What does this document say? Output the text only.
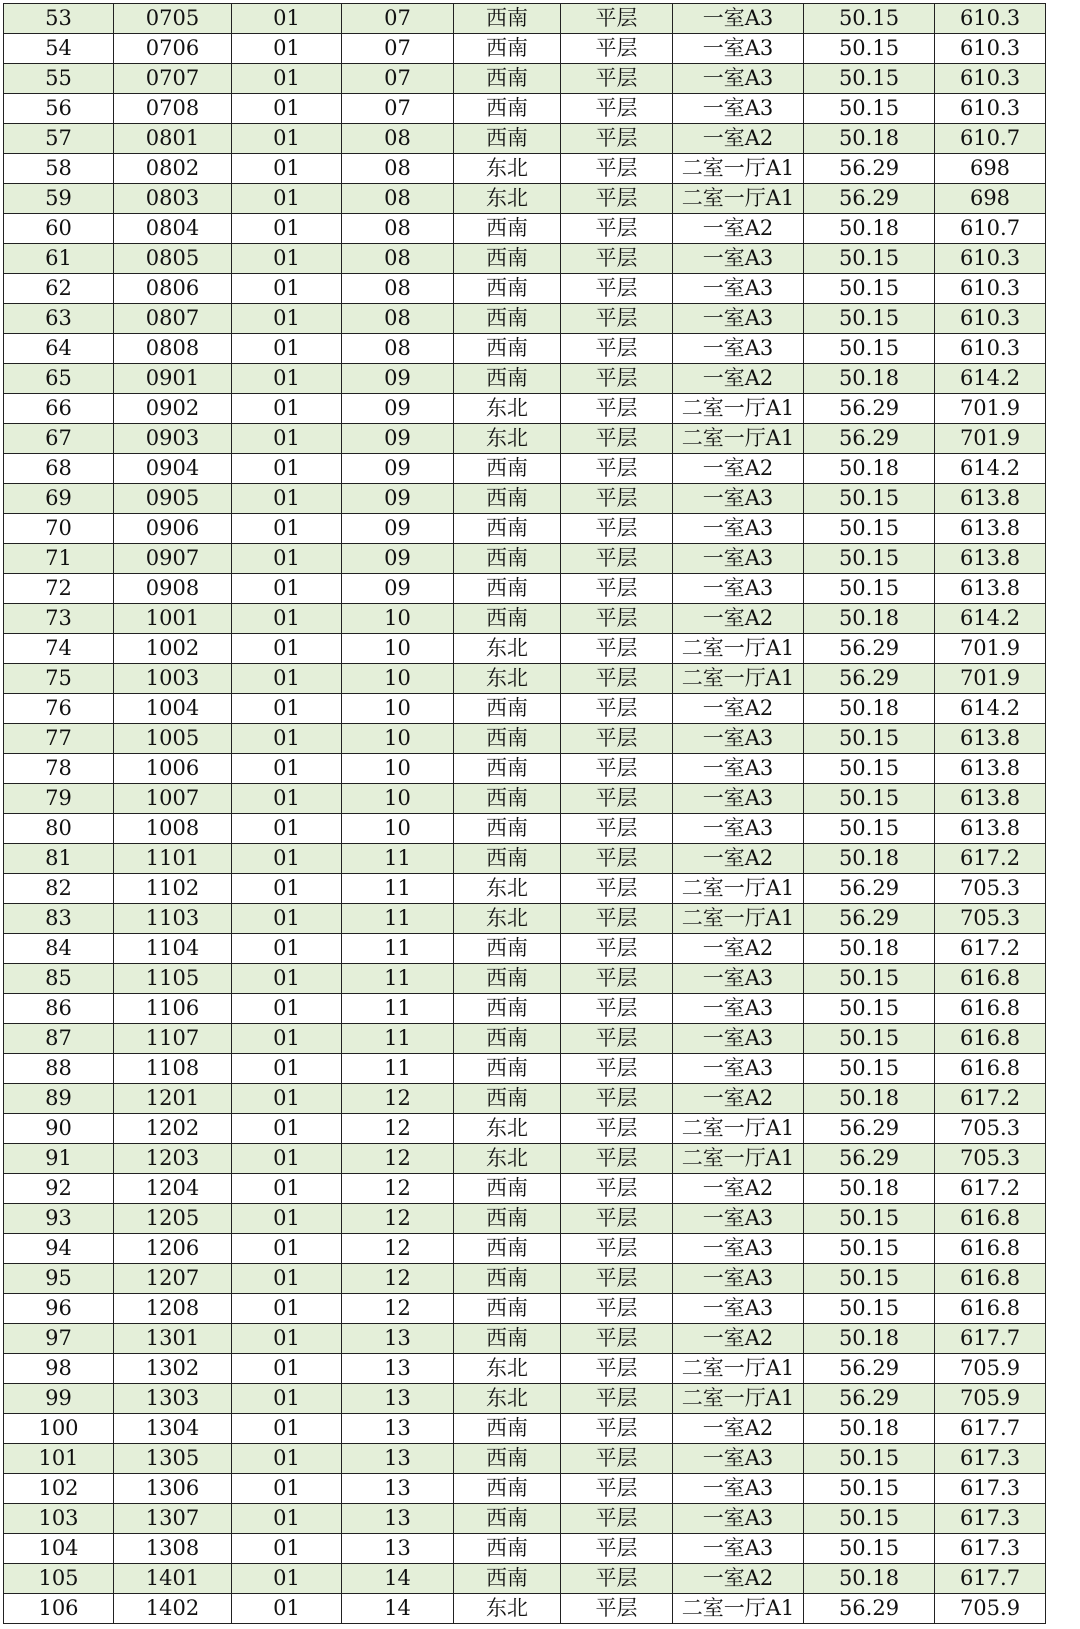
53	0705	01	07	西南	平层	一室A3	50.15	610.3
54	0706	01	07	西南	平层	一室A3	50.15	610.3
55	0707	01	07	西南	平层	一室A3	50.15	610.3
56	0708	01	07	西南	平层	一室A3	50.15	610.3
57	0801	01	08	西南	平层	一室A2	50.18	610.7
58	0802	01	08	东北	平层	二室一厅A1	56.29	698
59	0803	01	08	东北	平层	二室一厅A1	56.29	698
60	0804	01	08	西南	平层	一室A2	50.18	610.7
61	0805	01	08	西南	平层	一室A3	50.15	610.3
62	0806	01	08	西南	平层	一室A3	50.15	610.3
63	0807	01	08	西南	平层	一室A3	50.15	610.3
64	0808	01	08	西南	平层	一室A3	50.15	610.3
65	0901	01	09	西南	平层	一室A2	50.18	614.2
66	0902	01	09	东北	平层	二室一厅A1	56.29	701.9
67	0903	01	09	东北	平层	二室一厅A1	56.29	701.9
68	0904	01	09	西南	平层	一室A2	50.18	614.2
69	0905	01	09	西南	平层	一室A3	50.15	613.8
70	0906	01	09	西南	平层	一室A3	50.15	613.8
71	0907	01	09	西南	平层	一室A3	50.15	613.8
72	0908	01	09	西南	平层	一室A3	50.15	613.8
73	1001	01	10	西南	平层	一室A2	50.18	614.2
74	1002	01	10	东北	平层	二室一厅A1	56.29	701.9
75	1003	01	10	东北	平层	二室一厅A1	56.29	701.9
76	1004	01	10	西南	平层	一室A2	50.18	614.2
77	1005	01	10	西南	平层	一室A3	50.15	613.8
78	1006	01	10	西南	平层	一室A3	50.15	613.8
79	1007	01	10	西南	平层	一室A3	50.15	613.8
80	1008	01	10	西南	平层	一室A3	50.15	613.8
81	1101	01	11	西南	平层	一室A2	50.18	617.2
82	1102	01	11	东北	平层	二室一厅A1	56.29	705.3
83	1103	01	11	东北	平层	二室一厅A1	56.29	705.3
84	1104	01	11	西南	平层	一室A2	50.18	617.2
85	1105	01	11	西南	平层	一室A3	50.15	616.8
86	1106	01	11	西南	平层	一室A3	50.15	616.8
87	1107	01	11	西南	平层	一室A3	50.15	616.8
88	1108	01	11	西南	平层	一室A3	50.15	616.8
89	1201	01	12	西南	平层	一室A2	50.18	617.2
90	1202	01	12	东北	平层	二室一厅A1	56.29	705.3
91	1203	01	12	东北	平层	二室一厅A1	56.29	705.3
92	1204	01	12	西南	平层	一室A2	50.18	617.2
93	1205	01	12	西南	平层	一室A3	50.15	616.8
94	1206	01	12	西南	平层	一室A3	50.15	616.8
95	1207	01	12	西南	平层	一室A3	50.15	616.8
96	1208	01	12	西南	平层	一室A3	50.15	616.8
97	1301	01	13	西南	平层	一室A2	50.18	617.7
98	1302	01	13	东北	平层	二室一厅A1	56.29	705.9
99	1303	01	13	东北	平层	二室一厅A1	56.29	705.9
100	1304	01	13	西南	平层	一室A2	50.18	617.7
101	1305	01	13	西南	平层	一室A3	50.15	617.3
102	1306	01	13	西南	平层	一室A3	50.15	617.3
103	1307	01	13	西南	平层	一室A3	50.15	617.3
104	1308	01	13	西南	平层	一室A3	50.15	617.3
105	1401	01	14	西南	平层	一室A2	50.18	617.7
106	1402	01	14	东北	平层	二室一厅A1	56.29	705.9
